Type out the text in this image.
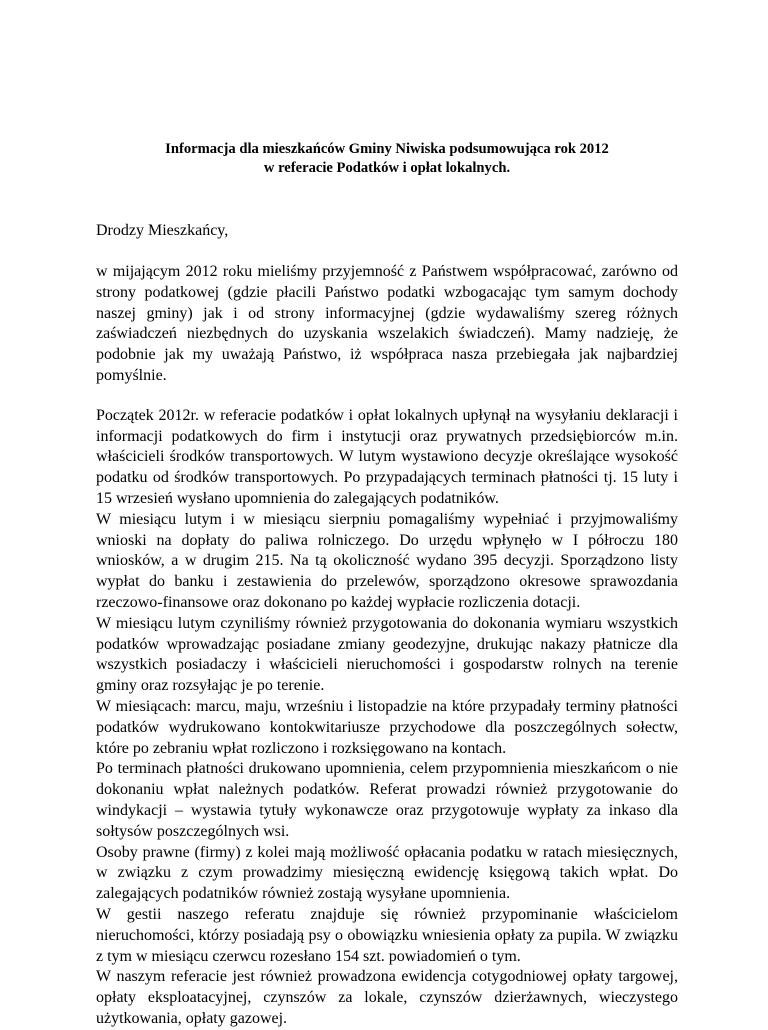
Informacja dla mieszkańców Gminy Niwiska podsumowująca rok 2012
w referacie Podatków i opłat lokalnych.

Drodzy Mieszkańcy,

w mijającym 2012 roku mieliśmy przyjemność z Państwem współpracować, zarówno od strony podatkowej (gdzie płacili Państwo podatki wzbogacając tym samym dochody naszej gminy) jak i od strony informacyjnej (gdzie wydawaliśmy szereg różnych zaświadczeń niezbędnych do uzyskania wszelakich świadczeń). Mamy nadzieję, że podobnie jak my uważają Państwo, iż współpraca nasza przebiegała jak najbardziej pomyślnie.

Początek 2012r. w referacie podatków i opłat lokalnych upłynął na wysyłaniu deklaracji i informacji podatkowych do firm i instytucji oraz prywatnych przedsiębiorców m.in. właścicieli środków transportowych. W lutym wystawiono decyzje określające wysokość podatku od środków transportowych. Po przypadających terminach płatności tj. 15 luty i 15 wrzesień wysłano upomnienia do zalegających podatników.

W miesiącu lutym i w miesiącu sierpniu pomagaliśmy wypełniać i przyjmowaliśmy wnioski na dopłaty do paliwa rolniczego. Do urzędu wpłynęło w I półroczu 180 wniosków, a w drugim 215. Na tą okoliczność wydano 395 decyzji. Sporządzono listy wypłat do banku i zestawienia do przelewów, sporządzono okresowe sprawozdania rzeczowo-finansowe oraz dokonano po każdej wypłacie rozliczenia dotacji.

W miesiącu lutym czyniliśmy również przygotowania do dokonania wymiaru wszystkich podatków wprowadzając posiadane zmiany geodezyjne, drukując nakazy płatnicze dla wszystkich posiadaczy i właścicieli nieruchomości i gospodarstw rolnych na terenie gminy oraz rozsyłając je po terenie.

W miesiącach: marcu, maju, wrześniu i listopadzie na które przypadały terminy płatności podatków wydrukowano kontokwitariusze przychodowe dla poszczególnych sołectw, które po zebraniu wpłat rozliczono i rozksięgowano na kontach.

Po terminach płatności drukowano upomnienia, celem przypomnienia mieszkańcom o nie dokonaniu wpłat należnych podatków. Referat prowadzi również przygotowanie do windykacji – wystawia tytuły wykonawcze oraz przygotowuje wypłaty za inkaso dla sołtysów poszczególnych wsi.

Osoby prawne (firmy) z kolei mają możliwość opłacania podatku w ratach miesięcznych, w związku z czym prowadzimy miesięczną ewidencję księgową takich wpłat. Do zalegających podatników również zostają wysyłane upomnienia.

W gestii naszego referatu znajduje się również przypominanie właścicielom nieruchomości, którzy posiadają psy o obowiązku wniesienia opłaty za pupila. W związku z tym w miesiącu czerwcu rozesłano 154 szt. powiadomień o tym.

W naszym referacie jest również prowadzona ewidencja cotygodniowej opłaty targowej, opłaty eksploatacyjnej, czynszów za lokale, czynszów dzierżawnych, wieczystego użytkowania, opłaty gazowej.
